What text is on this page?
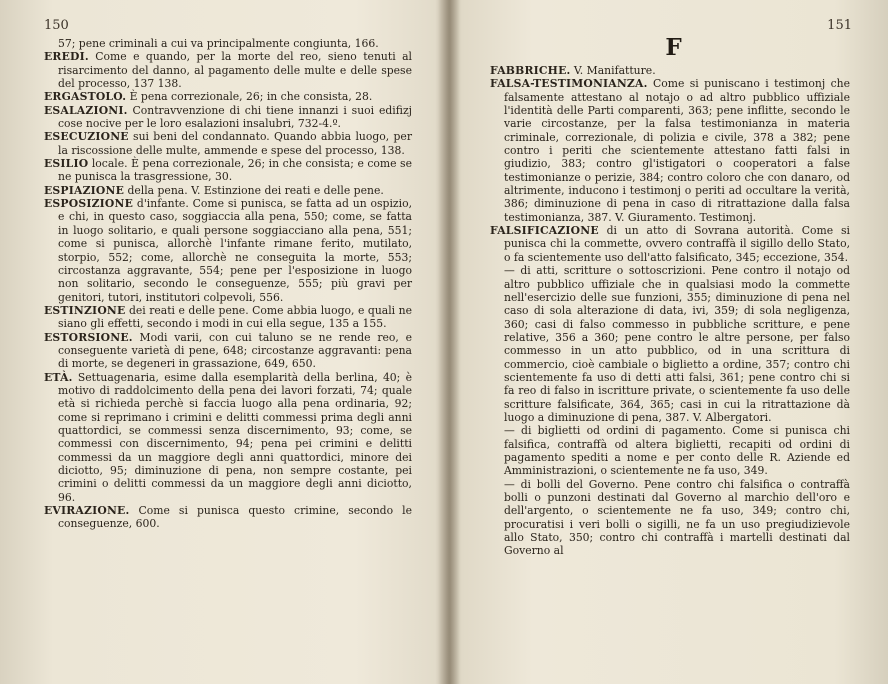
150

57; pene criminali a cui va principalmente congiunta, 166.

EREDI. Come e quando, per la morte del reo, sieno tenuti al risarcimento del danno, al pagamento delle multe e delle spese del processo, 137 138.

ERGASTOLO. È pena correzionale, 26; in che consista, 28.

ESALAZIONI. Contravvenzione di chi tiene innanzi i suoi edifizj cose nocive per le loro esalazioni insalubri, 732-4.º.

ESECUZIONE sui beni del condannato. Quando abbia luogo, per la riscossione delle multe, ammende e spese del processo, 138.

ESILIO locale. È pena correzionale, 26; in che consista; e come se ne punisca la trasgressione, 30.

ESPIAZIONE della pena. V. Estinzione dei reati e delle pene.

ESPOSIZIONE d'infante. Come si punisca, se fatta ad un ospizio, e chi, in questo caso, soggiaccia alla pena, 550; come, se fatta in luogo solitario, e quali persone soggiacciano alla pena, 551; come si punisca, allorchè l'infante rimane ferito, mutilato, storpio, 552; come, allorchè ne conseguita la morte, 553; circostanza aggravante, 554; pene per l'esposizione in luogo non solitario, secondo le conseguenze, 555; più gravi per genitori, tutori, institutori colpevoli, 556.

ESTINZIONE dei reati e delle pene. Come abbia luogo, e quali ne siano gli effetti, secondo i modi in cui ella segue, 135 a 155.

ESTORSIONE. Modi varii, con cui taluno se ne rende reo, e conseguente varietà di pene, 648; circostanze aggravanti: pena di morte, se degeneri in grassazione, 649, 650.

ETÀ. Settuagenaria, esime dalla esemplarità della berlina, 40; è motivo di raddolcimento della pena dei lavori forzati, 74; quale età si richieda perchè si faccia luogo alla pena ordinaria, 92; come si reprimano i crimini e delitti commessi prima degli anni quattordici, se commessi senza discernimento, 93; come, se commessi con discernimento, 94; pena pei crimini e delitti commessi da un maggiore degli anni quattordici, minore dei diciotto, 95; diminuzione di pena, non sempre costante, pei crimini o delitti commessi da un maggiore degli anni diciotto, 96.

EVIRAZIONE. Come si punisca questo crimine, secondo le conseguenze, 600.

151
F

FABBRICHE. V. Manifatture.

FALSA-TESTIMONIANZA. Come si puniscano i testimonj che falsamente attestano al notajo o ad altro pubblico uffiziale l'identità delle Parti comparenti, 363; pene inflitte, secondo le varie circostanze, per la falsa testimonianza in materia criminale, correzionale, di polizia e civile, 378 a 382; pene contro i periti che scientemente attestano fatti falsi in giudizio, 383; contro gl'istigatori o cooperatori a false testimonianze o perizie, 384; contro coloro che con danaro, od altrimente, inducono i testimonj o periti ad occultare la verità, 386; diminuzione di pena in caso di ritrattazione dalla falsa testimonianza, 387. V. Giuramento. Testimonj.

FALSIFICAZIONE di un atto di Sovrana autorità. Come si punisca chi la commette, ovvero contraffà il sigillo dello Stato, o fa scientemente uso dell'atto falsificato, 345; eccezione, 354.

— di atti, scritture o sottoscrizioni. Pene contro il notajo od altro pubblico uffiziale che in qualsiasi modo la commette nell'esercizio delle sue funzioni, 355; diminuzione di pena nel caso di sola alterazione di data, ivi, 359; di sola negligenza, 360; casi di falso commesso in pubbliche scritture, e pene relative, 356 a 360; pene contro le altre persone, per falso commesso in un atto pubblico, od in una scrittura di commercio, cioè cambiale o biglietto a ordine, 357; contro chi scientemente fa uso di detti atti falsi, 361; pene contro chi si fa reo di falso in iscritture private, o scientemente fa uso delle scritture falsificate, 364, 365; casi in cui la ritrattazione dà luogo a diminuzione di pena, 387. V. Albergatori.

— di biglietti od ordini di pagamento. Come si punisca chi falsifica, contraffà od altera biglietti, recapiti od ordini di pagamento spediti a nome e per conto delle R. Aziende ed Amministrazioni, o scientemente ne fa uso, 349.

— di bolli del Governo. Pene contro chi falsifica o contraffà bolli o punzoni destinati dal Governo al marchio dell'oro e dell'argento, o scientemente ne fa uso, 349; contro chi, procuratisi i veri bolli o sigilli, ne fa un uso pregiudizievole allo Stato, 350; contro chi contraffà i martelli destinati dal Governo al
